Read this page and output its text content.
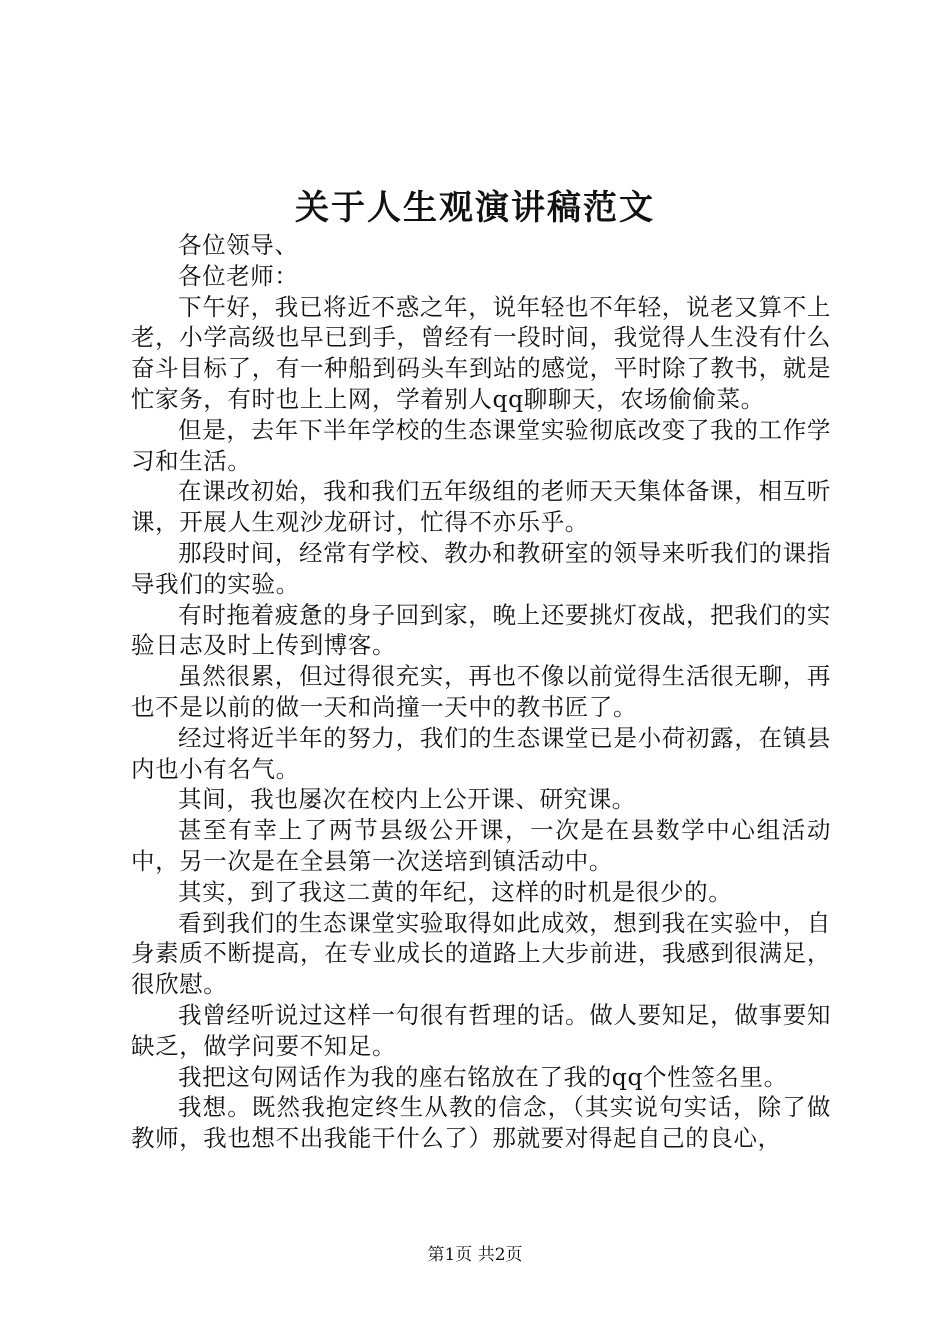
关于人生观演讲稿范文

各位领导、

各位老师：

下午好，我已将近不惑之年，说年轻也不年轻，说老又算不上老，小学高级也早已到手，曾经有一段时间，我觉得人生没有什么奋斗目标了，有一种船到码头车到站的感觉，平时除了教书，就是忙家务，有时也上上网，学着别人qq聊聊天，农场偷偷菜。

但是，去年下半年学校的生态课堂实验彻底改变了我的工作学习和生活。

在课改初始，我和我们五年级组的老师天天集体备课，相互听课，开展人生观沙龙研讨，忙得不亦乐乎。

那段时间，经常有学校、教办和教研室的领导来听我们的课指导我们的实验。

有时拖着疲惫的身子回到家，晚上还要挑灯夜战，把我们的实验日志及时上传到博客。

虽然很累，但过得很充实，再也不像以前觉得生活很无聊，再也不是以前的做一天和尚撞一天中的教书匠了。

经过将近半年的努力，我们的生态课堂已是小荷初露，在镇县内也小有名气。

其间，我也屡次在校内上公开课、研究课。

甚至有幸上了两节县级公开课，一次是在县数学中心组活动中，另一次是在全县第一次送培到镇活动中。

其实，到了我这二黄的年纪，这样的时机是很少的。

看到我们的生态课堂实验取得如此成效，想到我在实验中，自身素质不断提高，在专业成长的道路上大步前进，我感到很满足，很欣慰。

我曾经听说过这样一句很有哲理的话。做人要知足，做事要知缺乏，做学问要不知足。

我把这句网话作为我的座右铭放在了我的qq个性签名里。

我想。既然我抱定终生从教的信念，（其实说句实话，除了做教师，我也想不出我能干什么了）那就要对得起自己的良心，

第1页 共2页
